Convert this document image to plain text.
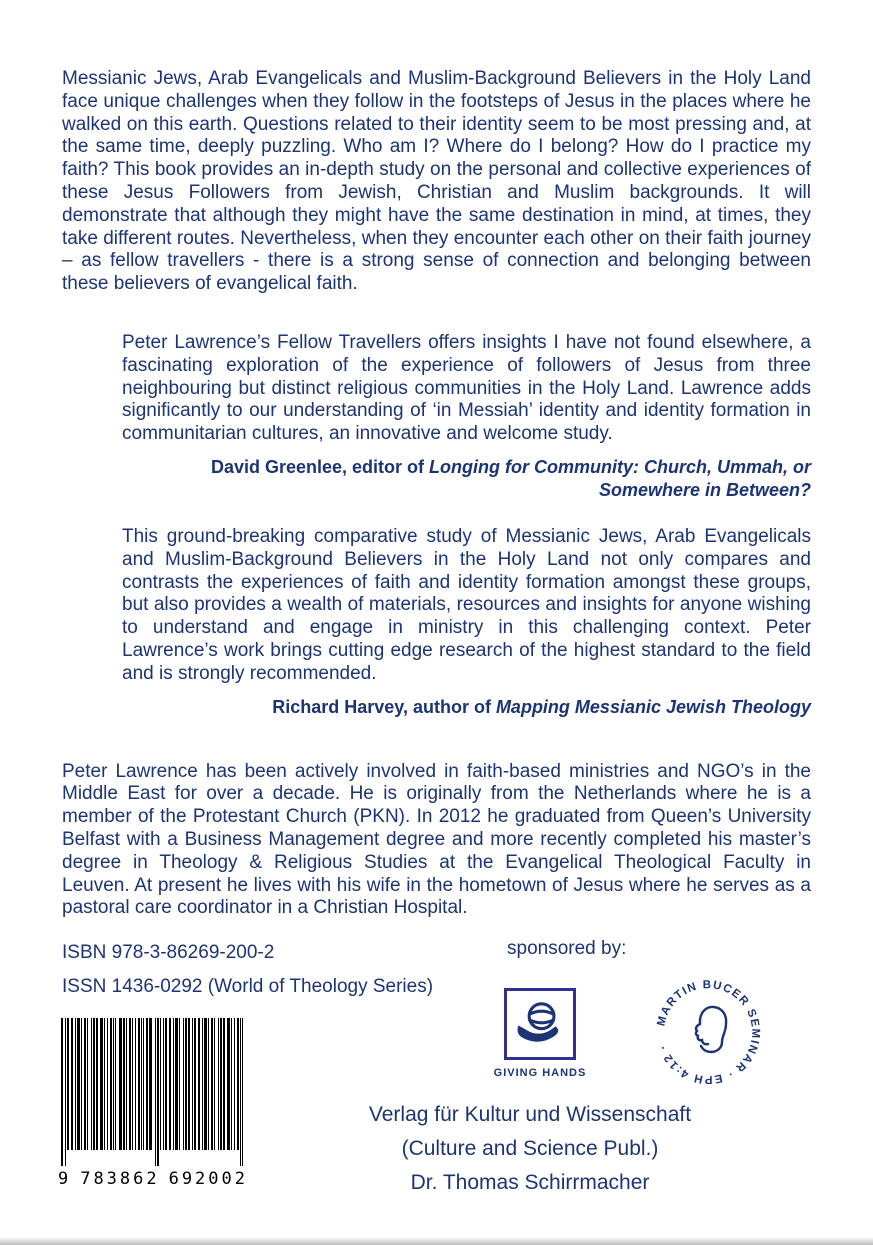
Messianic Jews, Arab Evangelicals and Muslim-Background Believers in the Holy Land face unique challenges when they follow in the footsteps of Jesus in the places where he walked on this earth. Questions related to their identity seem to be most pressing and, at the same time, deeply puzzling. Who am I? Where do I belong? How do I practice my faith? This book provides an in-depth study on the personal and collective experiences of these Jesus Followers from Jewish, Christian and Muslim backgrounds. It will demonstrate that although they might have the same destination in mind, at times, they take different routes. Nevertheless, when they encounter each other on their faith journey – as fellow travellers - there is a strong sense of connection and belonging between these believers of evangelical faith.

Peter Lawrence’s Fellow Travellers offers insights I have not found elsewhere, a fascinating exploration of the experience of followers of Jesus from three neighbouring but distinct religious communities in the Holy Land. Lawrence adds significantly to our understanding of ‘in Messiah’ identity and identity formation in communitarian cultures, an innovative and welcome study.

David Greenlee, editor of Longing for Community: Church, Ummah, or Somewhere in Between?

This ground-breaking comparative study of Messianic Jews, Arab Evangelicals and Muslim-Background Believers in the Holy Land not only compares and contrasts the experiences of faith and identity formation amongst these groups, but also provides a wealth of materials, resources and insights for anyone wishing to understand and engage in ministry in this challenging context. Peter Lawrence’s work brings cutting edge research of the highest standard to the field and is strongly recommended.

Richard Harvey, author of Mapping Messianic Jewish Theology

Peter Lawrence has been actively involved in faith-based ministries and NGO’s in the Middle East for over a decade. He is originally from the Netherlands where he is a member of the Protestant Church (PKN). In 2012 he graduated from Queen’s University Belfast with a Business Management degree and more recently completed his master’s degree in Theology & Religious Studies at the Evangelical Theological Faculty in Leuven. At present he lives with his wife in the hometown of Jesus where he serves as a pastoral care coordinator in a Christian Hospital.

ISBN 978-3-86269-200-2
ISSN 1436-0292 (World of Theology Series)
sponsored by:
GIVING HANDS
MARTIN BUCER SEMINAR · EPH 4:12 ·
Verlag für Kultur und Wissenschaft
(Culture and Science Publ.)
Dr. Thomas Schirrmacher
9 783862 692002
